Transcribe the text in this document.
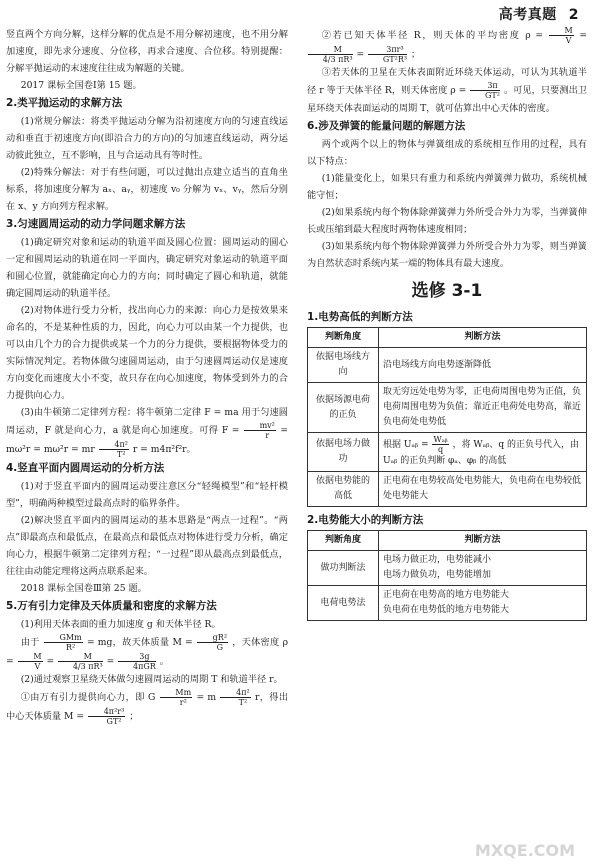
高考真题 2

竖直两个方向分解，这样分解的优点是不用分解初速度，也不用分解加速度，即先求分速度、分位移，再求合速度、合位移。特别提醒：分解平抛运动的末速度往往成为解题的关键。

2017 课标全国卷Ⅰ第 15 题。

2.类平抛运动的求解方法

(1)常规分解法：将类平抛运动分解为沿初速度方向的匀速直线运动和垂直于初速度方向(即沿合力的方向)的匀加速直线运动，两分运动彼此独立，互不影响，且与合运动具有等时性。

(2)特殊分解法：对于有些问题，可以过抛出点建立适当的直角坐标系，将加速度分解为 aₓ、aᵧ，初速度 v₀ 分解为 vₓ、vᵧ，然后分别在 x、y 方向列方程求解。

3.匀速圆周运动的动力学问题求解方法

(1)确定研究对象和运动的轨道平面及圆心位置：圆周运动的圆心一定和圆周运动的轨道在同一平面内，确定研究对象运动的轨道平面和圆心位置，就能确定向心力的方向；同时确定了圆心和轨道，就能确定圆周运动的轨道半径。

(2)对物体进行受力分析，找出向心力的来源：向心力是按效果来命名的，不是某种性质的力，因此，向心力可以由某一个力提供，也可以由几个力的合力提供或某一个力的分力提供，要根据物体受力的实际情况判定。若物体做匀速圆周运动，由于匀速圆周运动仅是速度方向变化而速度大小不变，故只存在向心加速度，物体受到外力的合力提供向心力。

(3)由牛顿第二定律列方程：将牛顿第二定律 F = ma 用于匀速圆周运动，F 就是向心力，a 就是向心加速度。可得 $F = \frac{\text{mv²}}{r} = m\omega^2r = m\omega^2r$ = mr $\frac{\text{4π²}}{\text{T²}}$ r = m4π²f²r。

4.竖直平面内圆周运动的分析方法

(1)对于竖直平面内的圆周运动要注意区分“轻绳模型”和“轻杆模型”，明确两种模型过最高点时的临界条件。

(2)解决竖直平面内的圆周运动的基本思路是“两点一过程”。“两点”即最高点和最低点，在最高点和最低点对物体进行受力分析，确定向心力，根据牛顿第二定律列方程；“一过程”即从最高点到最低点，往往由动能定理将这两点联系起来。

2018 课标全国卷Ⅲ第 25 题。

5.万有引力定律及天体质量和密度的求解方法

(1)利用天体表面的重力加速度 g 和天体半径 R。

由于 $\frac{\text{GMm}}{\text{R²}}$ = mg，故天体质量 $M = \frac{\text{gR²}}{G}$ ，天体密度 $\rho = \frac{M}{V} = \frac{M}{\text{4/3 πR³}} = \frac{3g}{\text{4πGR}}$ 。

(2)通过观察卫星绕天体做匀速圆周运动的周期 T 和轨道半径 r。

①由万有引力提供向心力，即 G $\frac{Mm}{\text{r²}} = m \frac{\text{4π²}}{\text{T²}}$ r，得出中心天体质量 $M = \frac{\text{4π²r³}}{\text{GT²}}$ ；

②若已知天体半径 R，则天体的平均密度 $\rho = \frac{M}{V}$ =
$\frac{M}{\text{4/3 πR³}} = \frac{\text{3πr³}}{\text{GT²R³}}$ ；

③若天体的卫星在天体表面附近环绕天体运动，可认为其轨道半径 r 等于天体半径 R，则天体密度 $\rho = \frac{3\pi}{\text{GT²}}$ 。可见，只要测出卫星环绕天体表面运动的周期 T，就可估算出中心天体的密度。

6.涉及弹簧的能量问题的解题方法

两个或两个以上的物体与弹簧组成的系统相互作用的过程，具有以下特点：

(1)能量变化上，如果只有重力和系统内弹簧弹力做功，系统机械能守恒；

(2)如果系统内每个物体除弹簧弹力外所受合外力为零，当弹簧伸长或压缩到最大程度时两物体速度相同；

(3)如果系统内每个物体除弹簧弹力外所受合外力为零，则当弹簧为自然状态时系统内某一端的物体具有最大速度。

选修 3-1
1.电势高低的判断方法
判断角度	判断方法
依据电场线方向	沿电场线方向电势逐渐降低
依据场源电荷的正负	取无穷远处电势为零，正电荷周围电势为正值，负电荷周围电势为负值；靠近正电荷处电势高，靠近负电荷处电势低
依据电场力做功	根据 Uₐᵦ = $\frac{\text{Wₐᵦ}}{q}$ ，将 Wₐᵦ、q 的正负号代入，由 Uₐᵦ 的正负判断 φₐ、φᵦ 的高低
依据电势能的高低	正电荷在电势较高处电势能大，负电荷在电势较低处电势能大
2.电势能大小的判断方法
判断角度	判断方法
做功判断法	电场力做正功，电势能减小
电场力做负功，电势能增加

电荷电势法	正电荷在电势高的地方电势能大
负电荷在电势低的地方电势能大
MXQE.COM
